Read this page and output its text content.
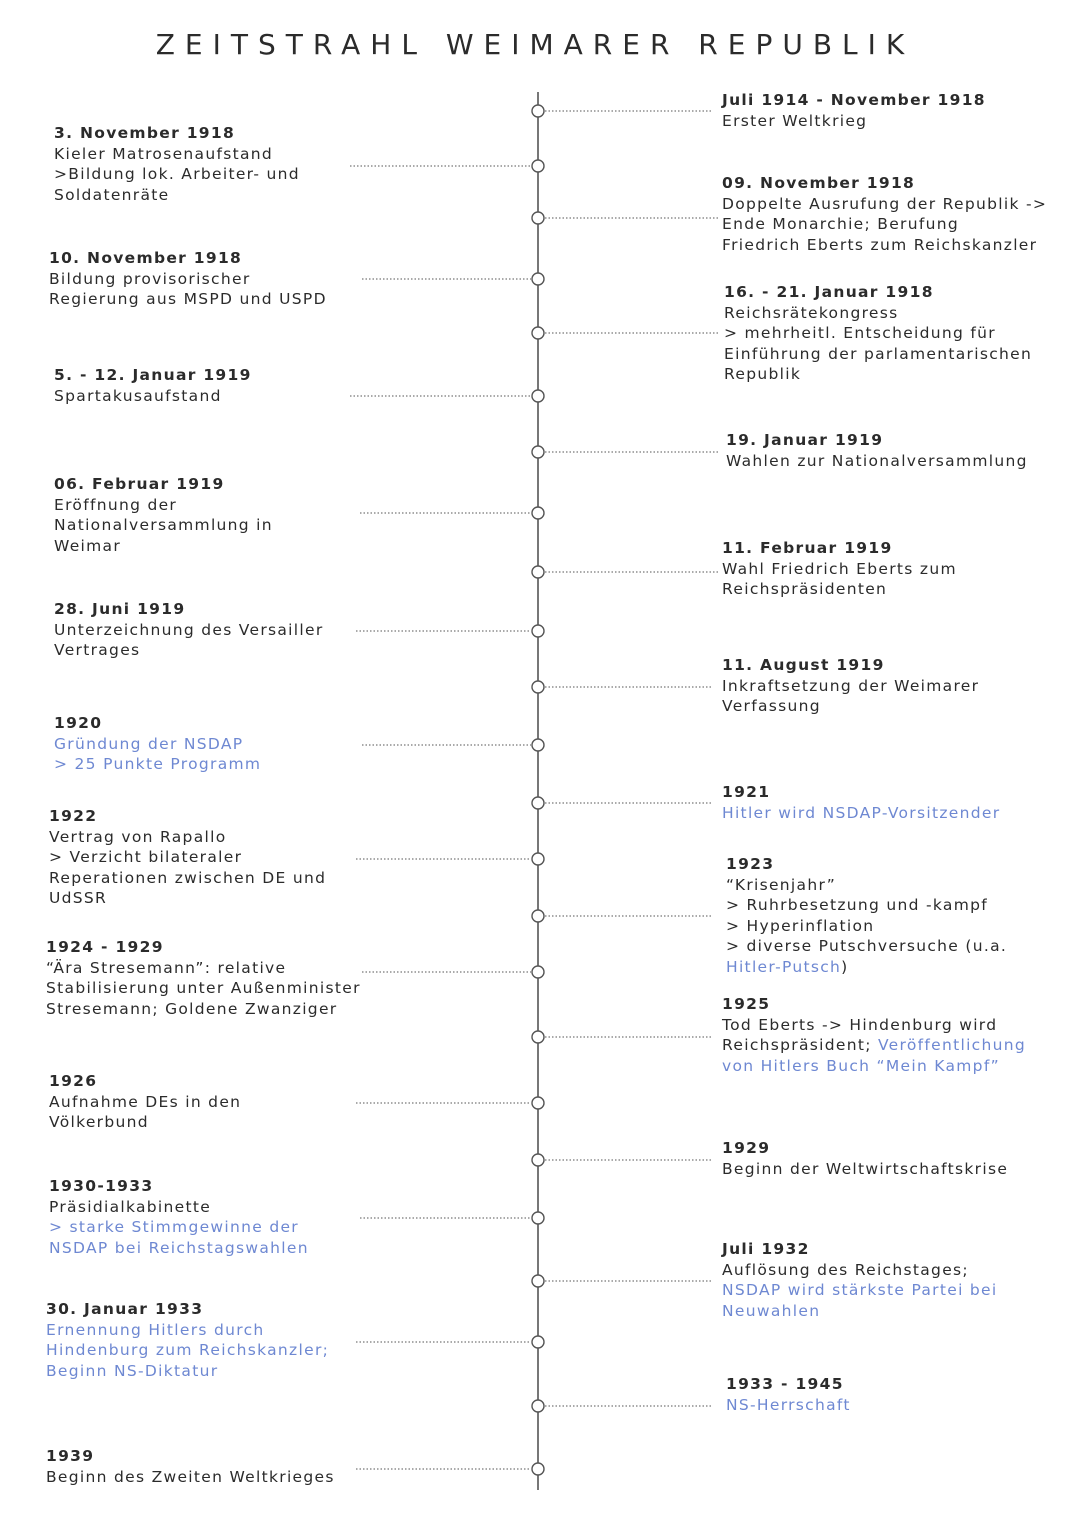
ZEITSTRAHL WEIMARER REPUBLIK
Juli 1914 - November 1918
Erster Weltkrieg
3. November 1918
Kieler Matrosenaufstand
>Bildung lok. Arbeiter- und
Soldatenräte
09. November 1918
Doppelte Ausrufung der Republik ->
Ende Monarchie; Berufung
Friedrich Eberts zum Reichskanzler
10. November 1918
Bildung provisorischer
Regierung aus MSPD und USPD	16. - 21. Januar 1918
Reichsrätekongress
> mehrheitl. Entscheidung für
Einführung der parlamentarischen
Republik
5. - 12. Januar 1919
Spartakusaufstand
19. Januar 1919
Wahlen zur Nationalversammlung
06. Februar 1919
Eröffnung der
Nationalversammlung in
Weimar	11. Februar 1919
Wahl Friedrich Eberts zum
Reichspräsidenten
28. Juni 1919
Unterzeichnung des Versailler
Vertrages
11. August 1919
Inkraftsetzung der Weimarer
Verfassung
1920
Gründung der NSDAP
> 25 Punkte Programm
1921
Hitler wird NSDAP-Vorsitzender
1922
Vertrag von Rapallo
> Verzicht bilateraler
Reperationen zwischen DE und
UdSSR
1923
“Krisenjahr”
> Ruhrbesetzung und -kampf
> Hyperinflation
> diverse Putschversuche (u.a.
Hitler-Putsch)
1924 - 1929
“Ära Stresemann”: relative
Stabilisierung unter Außenminister
Stresemann; Goldene Zwanziger	1925
Tod Eberts -> Hindenburg wird
Reichspräsident; Veröffentlichung
von Hitlers Buch “Mein Kampf”
1926
Aufnahme DEs in den
Völkerbund
1929
Beginn der Weltwirtschaftskrise
1930-1933
Präsidialkabinette
> starke Stimmgewinne der
NSDAP bei Reichstagswahlen	Juli 1932
Auflösung des Reichstages;
NSDAP wird stärkste Partei bei
Neuwahlen
30. Januar 1933
Ernennung Hitlers durch
Hindenburg zum Reichskanzler;
Beginn NS-Diktatur
1933 - 1945
NS-Herrschaft
1939
Beginn des Zweiten Weltkrieges
